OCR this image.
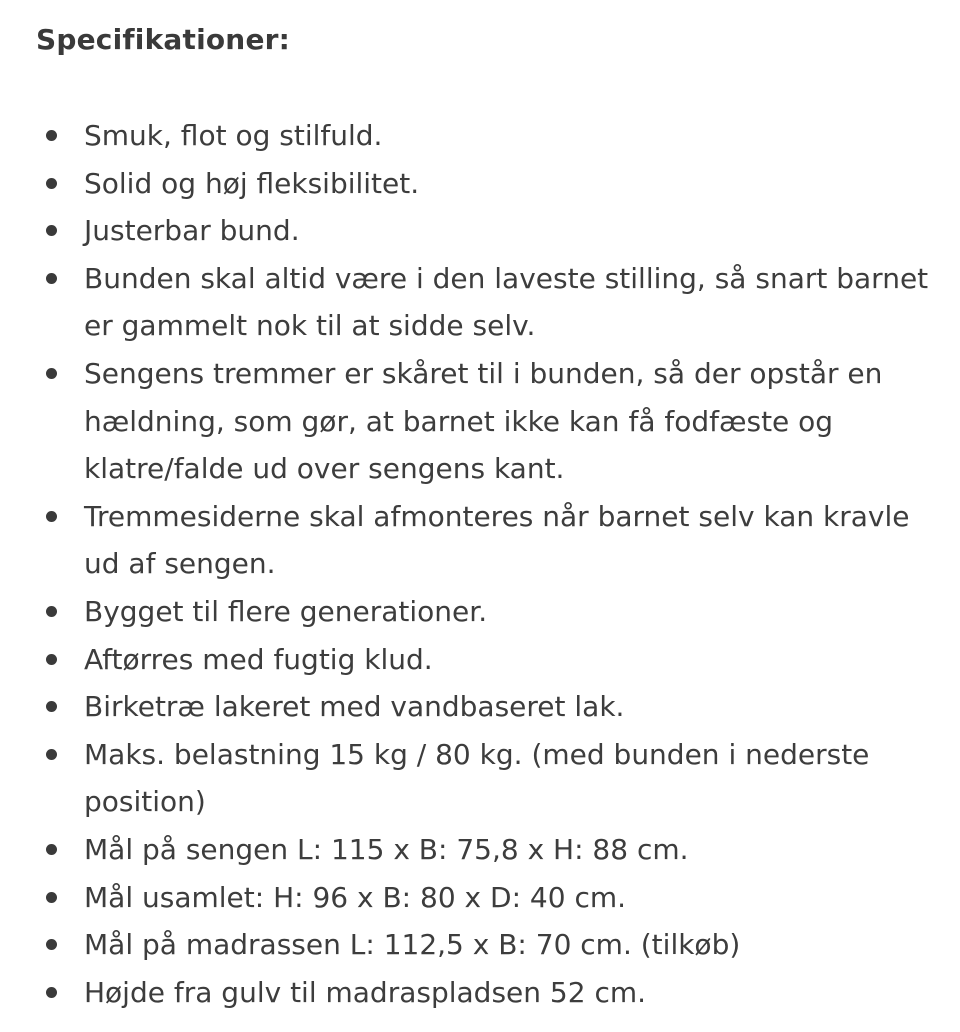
Specifikationer:
Smuk, flot og stilfuld.
Solid og høj fleksibilitet.
Justerbar bund.
Bunden skal altid være i den laveste stilling, så snart barnet er gammelt nok til at sidde selv.
Sengens tremmer er skåret til i bunden, så der opstår en hældning, som gør, at barnet ikke kan få fodfæste og klatre/falde ud over sengens kant.
Tremmesiderne skal afmonteres når barnet selv kan kravle ud af sengen.
Bygget til flere generationer.
Aftørres med fugtig klud.
Birketræ lakeret med vandbaseret lak.
Maks. belastning 15 kg / 80 kg. (med bunden i nederste position)
Mål på sengen L: 115 x B: 75,8 x H: 88 cm.
Mål usamlet: H: 96 x B: 80 x D: 40 cm.
Mål på madrassen L: 112,5 x B: 70 cm. (tilkøb)
Højde fra gulv til madraspladsen 52 cm.
